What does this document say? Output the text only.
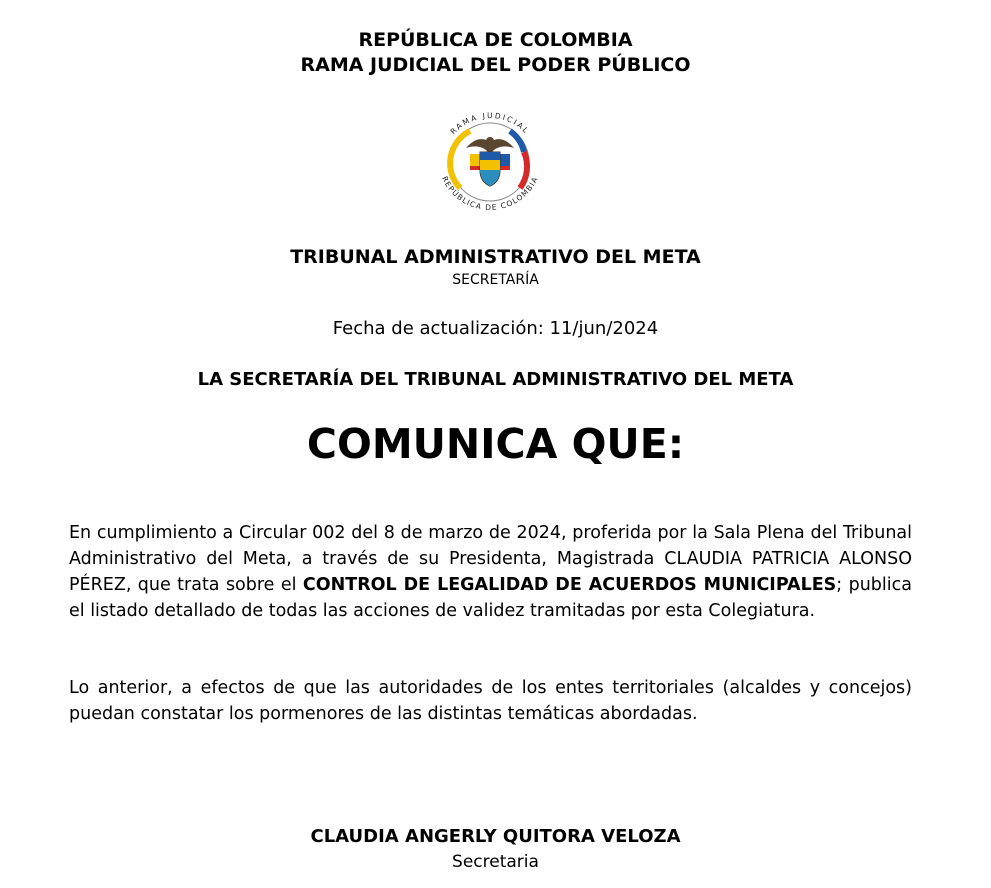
REPÚBLICA DE COLOMBIA
RAMA JUDICIAL DEL PODER PÚBLICO
RAMA JUDICIAL
REPÚBLICA DE COLOMBIA
TRIBUNAL ADMINISTRATIVO DEL META
SECRETARÍA
Fecha de actualización: 11/jun/2024
LA SECRETARÍA DEL TRIBUNAL ADMINISTRATIVO DEL META
COMUNICA QUE:
En cumplimiento a Circular 002 del 8 de marzo de 2024, proferida por la Sala Plena del Tribunal Administrativo del Meta, a través de su Presidenta, Magistrada CLAUDIA PATRICIA ALONSO PÉREZ, que trata sobre el CONTROL DE LEGALIDAD DE ACUERDOS MUNICIPALES; publica el listado detallado de todas las acciones de validez tramitadas por esta Colegiatura.
Lo anterior, a efectos de que las autoridades de los entes territoriales (alcaldes y concejos) puedan constatar los pormenores de las distintas temáticas abordadas.
CLAUDIA ANGERLY QUITORA VELOZA
Secretaria
